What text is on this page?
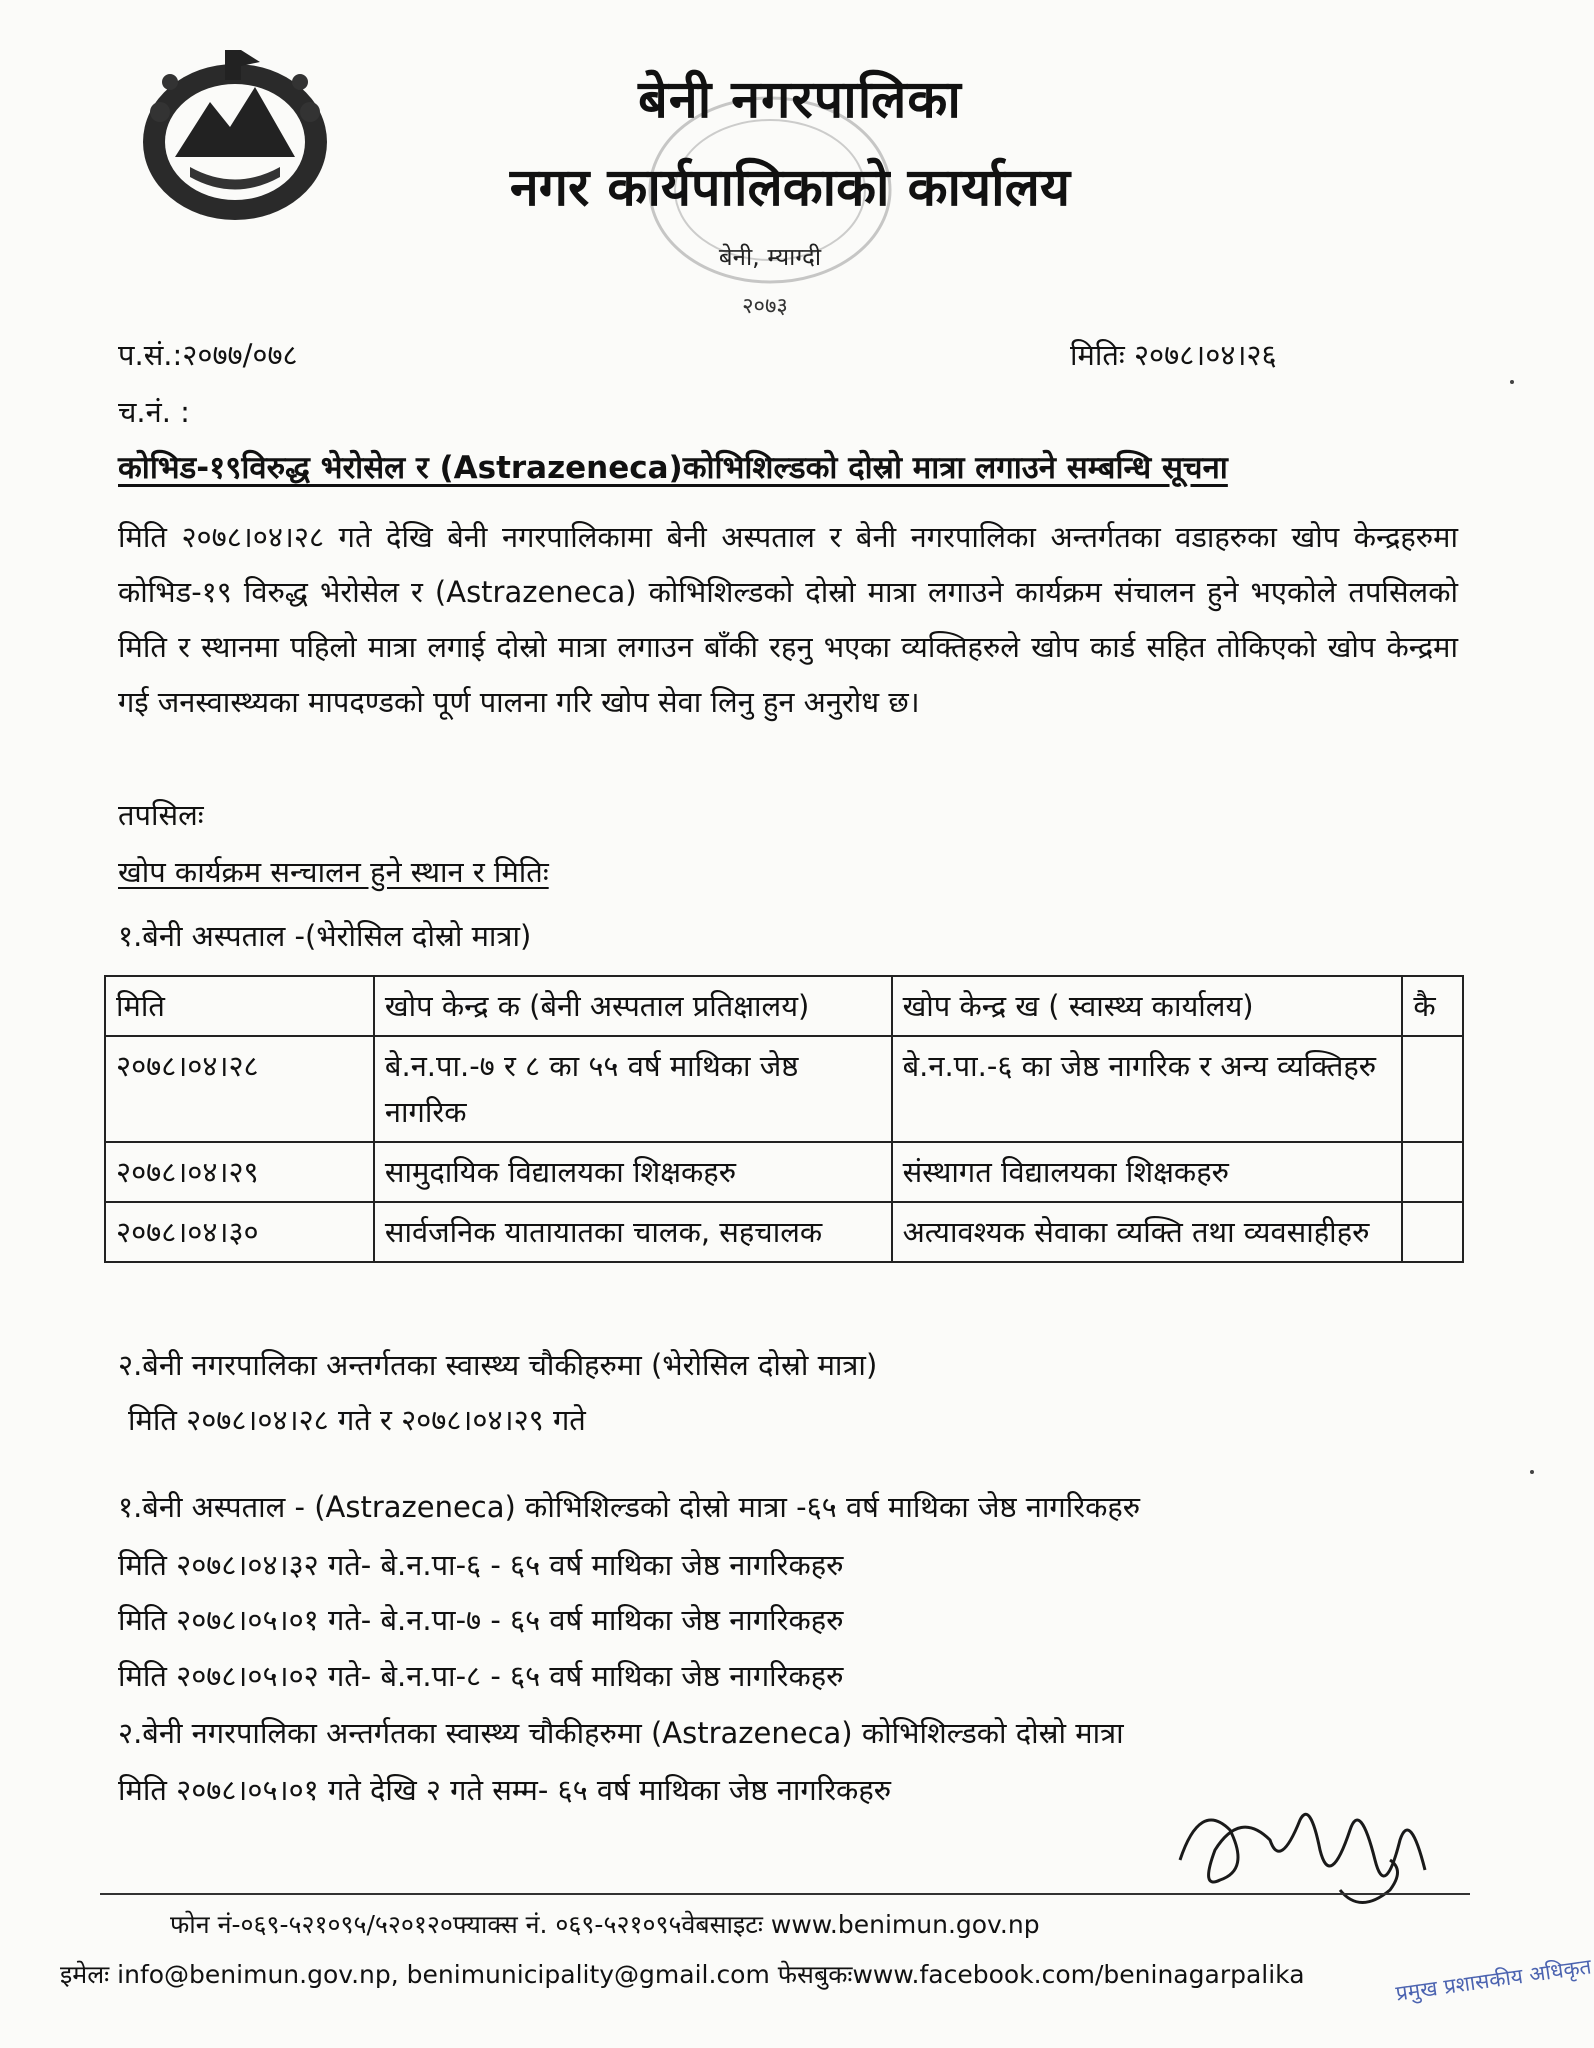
बेनी नगरपालिका
नगर कार्यपालिकाको कार्यालय
बेनी, म्याग्दी
२०७३
प.सं.:२०७७/०७८	मितिः २०७८।०४।२६
च.नं. :
कोभिड-१९विरुद्ध भेरोसेल र (Astrazeneca)कोभिशिल्डको दोस्रो मात्रा लगाउने सम्बन्धि सूचना
मिति २०७८।०४।२८ गते देखि बेनी नगरपालिकामा बेनी अस्पताल र बेनी नगरपालिका अन्तर्गतका वडाहरुका खोप केन्द्रहरुमा कोभिड-१९ विरुद्ध भेरोसेल र (Astrazeneca) कोभिशिल्डको दोस्रो मात्रा लगाउने कार्यक्रम संचालन हुने भएकोले तपसिलको मिति र स्थानमा पहिलो मात्रा लगाई दोस्रो मात्रा लगाउन बाँकी रहनु भएका व्यक्तिहरुले खोप कार्ड सहित तोकिएको खोप केन्द्रमा गई जनस्वास्थ्यका मापदण्डको पूर्ण पालना गरि खोप सेवा लिनु हुन अनुरोध छ।
तपसिलः
खोप कार्यक्रम सन्चालन हुने स्थान र मितिः
१.बेनी अस्पताल -(भेरोसिल दोस्रो मात्रा)
मिति	खोप केन्द्र क (बेनी अस्पताल प्रतिक्षालय)	खोप केन्द्र ख ( स्वास्थ्य कार्यालय)	कै
२०७८।०४।२८	बे.न.पा.-७ र ८ का ५५ वर्ष माथिका जेष्ठ नागरिक	बे.न.पा.-६ का जेष्ठ नागरिक र अन्य व्यक्तिहरु	
२०७८।०४।२९	सामुदायिक विद्यालयका शिक्षकहरु	संस्थागत विद्यालयका शिक्षकहरु	
२०७८।०४।३०	सार्वजनिक यातायातका चालक, सहचालक	अत्यावश्यक सेवाका व्यक्ति तथा व्यवसाहीहरु	
२.बेनी नगरपालिका अन्तर्गतका स्वास्थ्य चौकीहरुमा (भेरोसिल दोस्रो मात्रा)
मिति २०७८।०४।२८ गते र २०७८।०४।२९ गते
१.बेनी अस्पताल - (Astrazeneca) कोभिशिल्डको दोस्रो मात्रा -६५ वर्ष माथिका जेष्ठ नागरिकहरु
मिति २०७८।०४।३२ गते- बे.न.पा-६ - ६५ वर्ष माथिका जेष्ठ नागरिकहरु
मिति २०७८।०५।०१ गते- बे.न.पा-७ - ६५ वर्ष माथिका जेष्ठ नागरिकहरु
मिति २०७८।०५।०२ गते- बे.न.पा-८ - ६५ वर्ष माथिका जेष्ठ नागरिकहरु
२.बेनी नगरपालिका अन्तर्गतका स्वास्थ्य चौकीहरुमा (Astrazeneca) कोभिशिल्डको दोस्रो मात्रा
मिति २०७८।०५।०१ गते देखि २ गते सम्म- ६५ वर्ष माथिका जेष्ठ नागरिकहरु
फोन नं-०६९-५२१०९५/५२०१२०फ्याक्स नं. ०६९-५२१०९५वेबसाइटः www.benimun.gov.np
इमेलः info@benimun.gov.np, benimunicipality@gmail.com फेसबुकःwww.facebook.com/beninagarpalika	प्रमुख प्रशासकीय अधिकृत
